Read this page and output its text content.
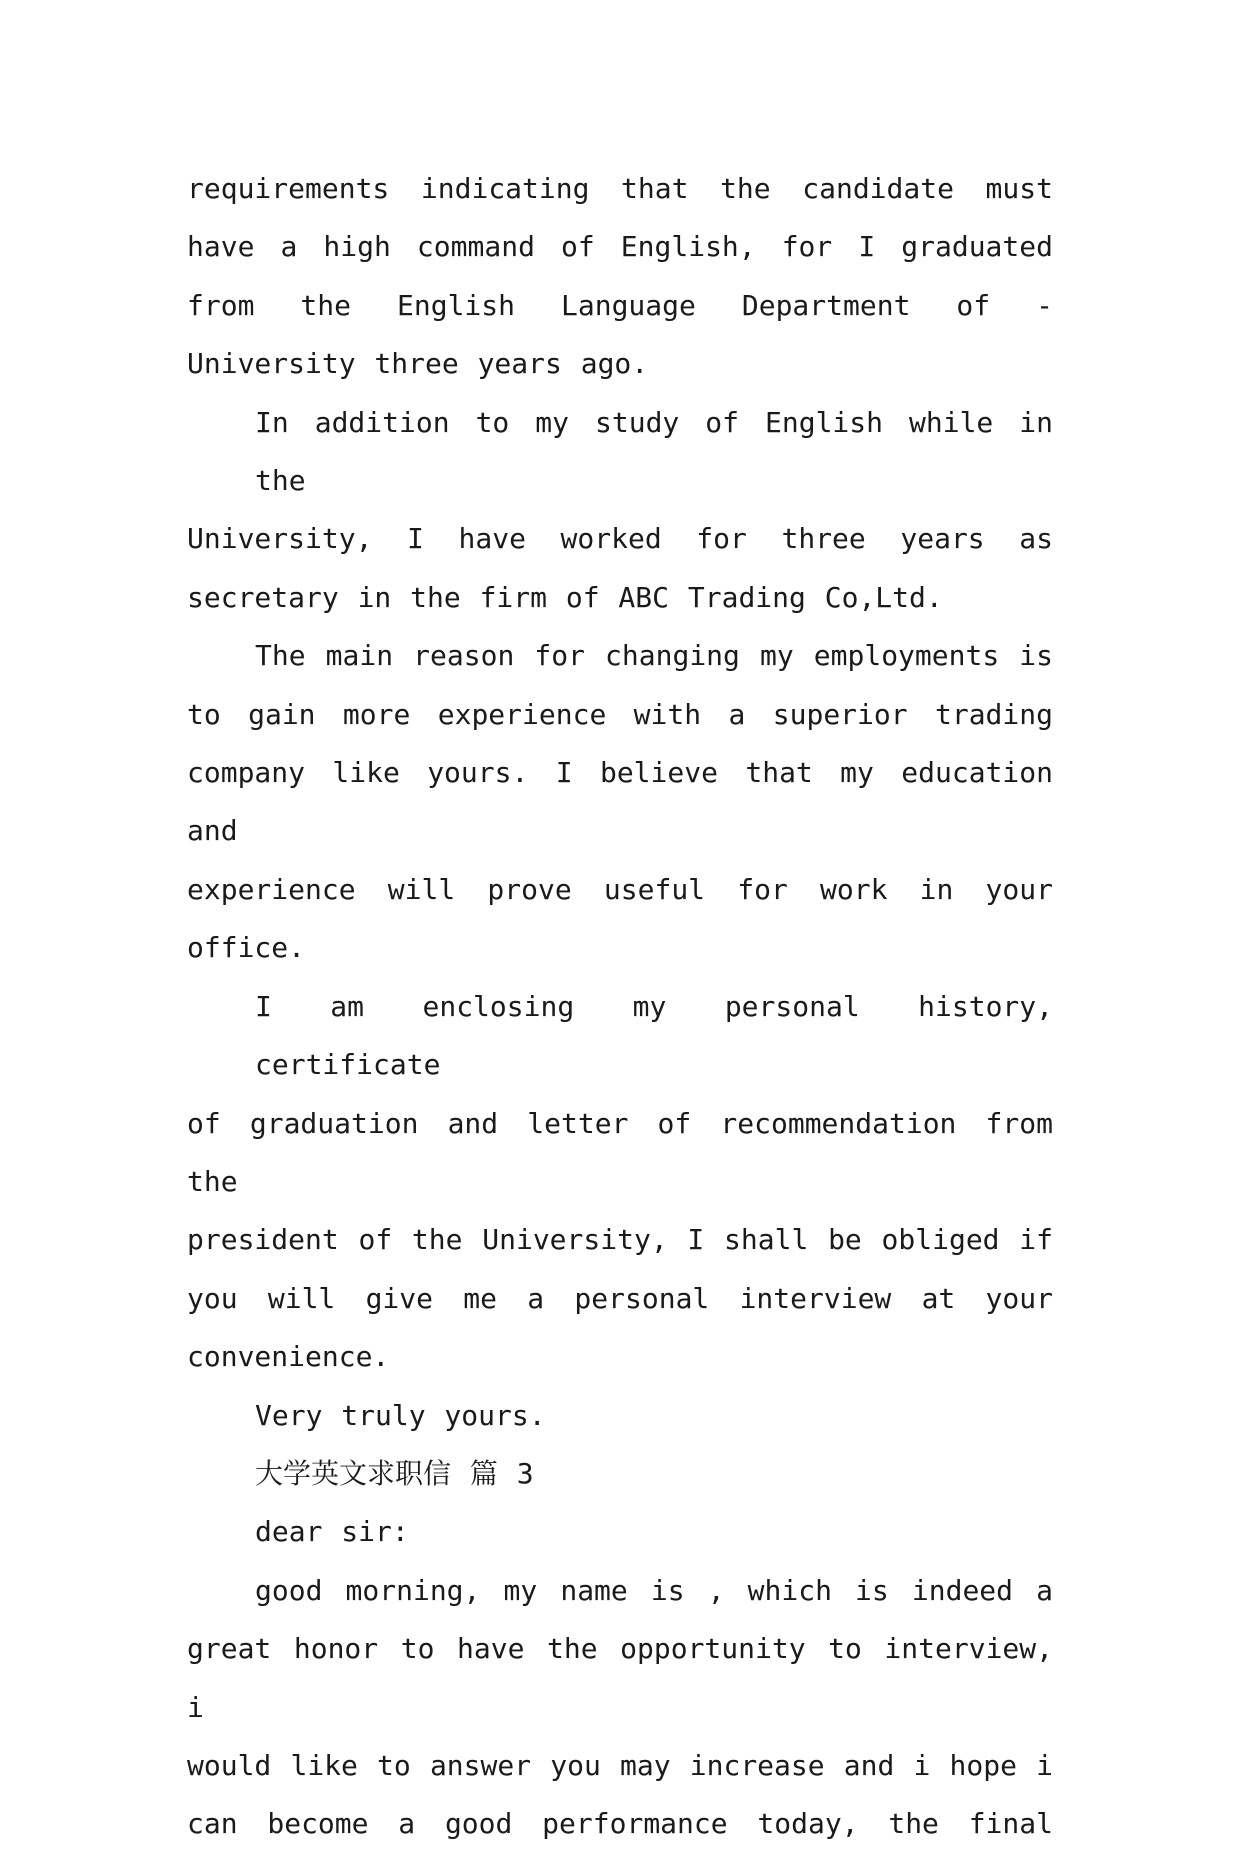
requirements indicating that the candidate must
have a high command of English, for I graduated
from the English Language Department of -
University three years ago.
In addition to my study of English while in the
University, I have worked for three years as
secretary in the firm of ABC Trading Co,Ltd.
The main reason for changing my employments is
to gain more experience with a superior trading
company like yours. I believe that my education and
experience will prove useful for work in your
office.
I am enclosing my personal history, certificate
of graduation and letter of recommendation from the
president of the University, I shall be obliged if
you will give me a personal interview at your
convenience.
Very truly yours.
大学英文求职信 篇 3
dear sir:
good morning, my name is , which is indeed a
great honor to have the opportunity to interview, i
would like to answer you may increase and i hope i
can become a good performance today, the final
